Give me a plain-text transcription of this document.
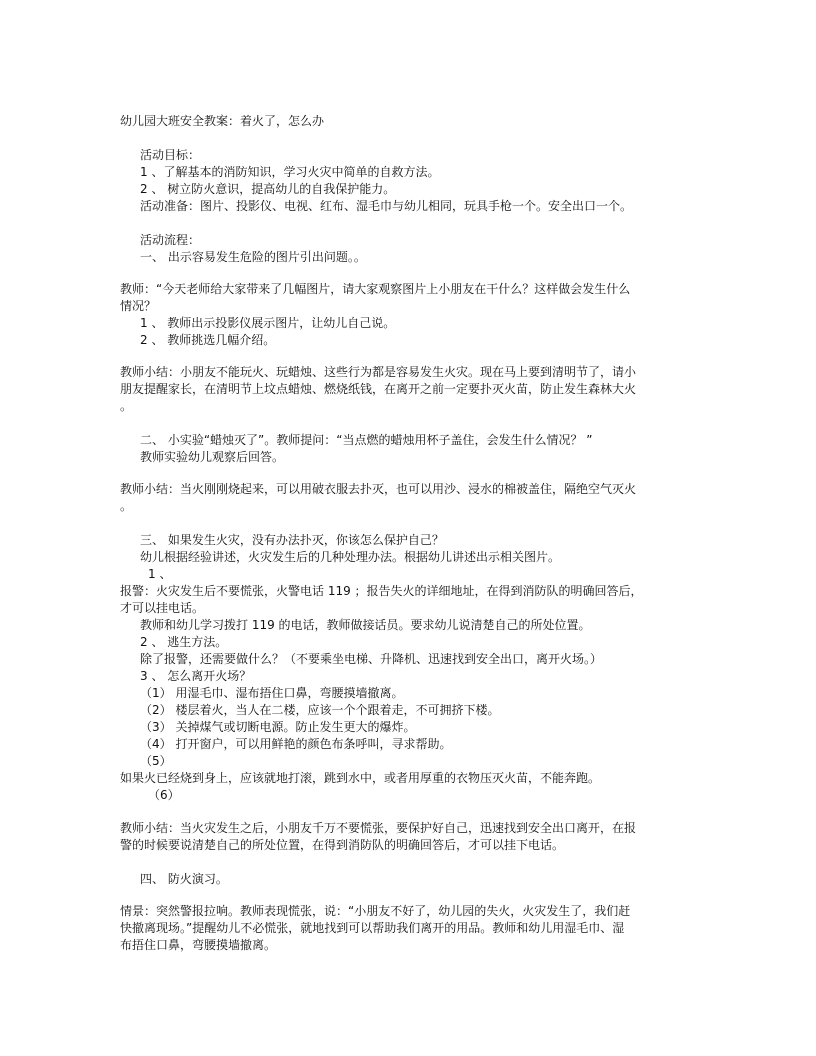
幼儿园大班安全教案：着火了，怎么办
活动目标：
1 、了解基本的消防知识，学习火灾中简单的自救方法。
2 、 树立防火意识，提高幼儿的自我保护能力。
活动准备：图片、投影仪、电视、红布、湿毛巾与幼儿相同，玩具手枪一个。安全出口一个。
活动流程：
一、 出示容易发生危险的图片引出问题。。
教师：“今天老师给大家带来了几幅图片，请大家观察图片上小朋友在干什么？这样做会发生什么
情况？
1 、 教师出示投影仪展示图片，让幼儿自己说。
2 、 教师挑选几幅介绍。
教师小结：小朋友不能玩火、玩蜡烛、这些行为都是容易发生火灾。现在马上要到清明节了，请小
朋友提醒家长，在清明节上坟点蜡烛、燃烧纸钱，在离开之前一定要扑灭火苗，防止发生森林大火
。
二、 小实验“蜡烛灭了”。教师提问：“当点燃的蜡烛用杯子盖住，会发生什么情况？ ”
教师实验幼儿观察后回答。
教师小结：当火刚刚烧起来，可以用破衣服去扑灭，也可以用沙、浸水的棉被盖住，隔绝空气灭火
。
三、 如果发生火灾，没有办法扑灭，你该怎么保护自己？
幼儿根据经验讲述，火灾发生后的几种处理办法。根据幼儿讲述出示相关图片。
1 、
报警：火灾发生后不要慌张，火警电话 119 ；报告失火的详细地址，在得到消防队的明确回答后，
才可以挂电话。
教师和幼儿学习拨打 119 的电话，教师做接话员。要求幼儿说清楚自己的所处位置。
2 、 逃生方法。
除了报警，还需要做什么？（不要乘坐电梯、升降机、迅速找到安全出口，离开火场。）
3 、 怎么离开火场？
（1） 用湿毛巾、湿布捂住口鼻，弯腰摸墙撤离。
（2） 楼层着火，当人在二楼，应该一个个跟着走，不可拥挤下楼。
（3） 关掉煤气或切断电源。防止发生更大的爆炸。
（4） 打开窗户，可以用鲜艳的颜色布条呼叫，寻求帮助。
（5）
如果火已经烧到身上，应该就地打滚，跳到水中，或者用厚重的衣物压灭火苗，不能奔跑。
（6）
教师小结：当火灾发生之后，小朋友千万不要慌张，要保护好自己，迅速找到安全出口离开，在报
警的时候要说清楚自己的所处位置，在得到消防队的明确回答后，才可以挂下电话。
四、 防火演习。
情景：突然警报拉响。教师表现慌张，说：“小朋友不好了，幼儿园的失火，火灾发生了，我们赶
快撤离现场。”提醒幼儿不必慌张，就地找到可以帮助我们离开的用品。教师和幼儿用湿毛巾、湿
布捂住口鼻，弯腰摸墙撤离。
